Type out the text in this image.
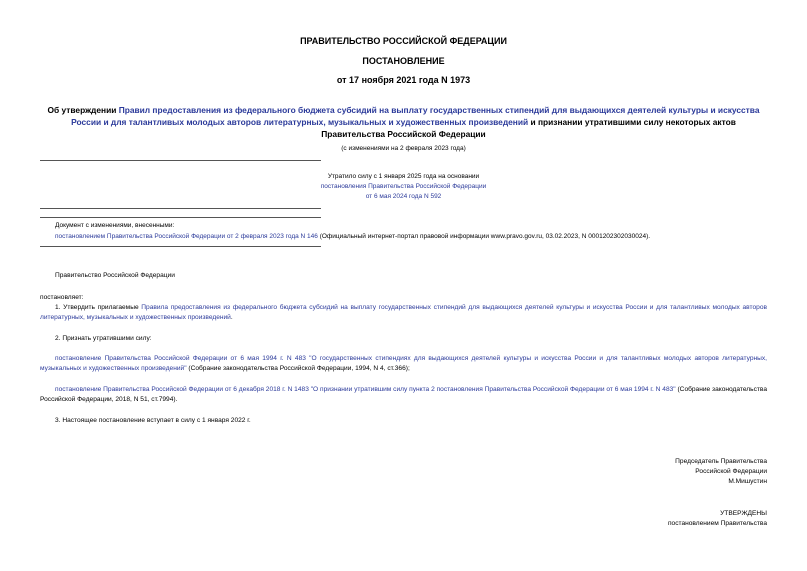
ПРАВИТЕЛЬСТВО РОССИЙСКОЙ ФЕДЕРАЦИИ
ПОСТАНОВЛЕНИЕ
от 17 ноября 2021 года N 1973
Об утверждении Правил предоставления из федерального бюджета субсидий на выплату государственных стипендий для выдающихся деятелей культуры и искусства России и для талантливых молодых авторов литературных, музыкальных и художественных произведений и признании утратившими силу некоторых актов Правительства Российской Федерации
(с изменениями на 2 февраля 2023 года)
Утратило силу с 1 января 2025 года на основании
постановления Правительства Российской Федерации
от 6 мая 2024 года N 592
Документ с изменениями, внесенными:
постановлением Правительства Российской Федерации от 2 февраля 2023 года N 146 (Официальный интернет-портал правовой информации www.pravo.gov.ru, 03.02.2023, N 0001202302030024).
Правительство Российской Федерации
постановляет:
1. Утвердить прилагаемые Правила предоставления из федерального бюджета субсидий на выплату государственных стипендий для выдающихся деятелей культуры и искусства России и для талантливых молодых авторов литературных, музыкальных и художественных произведений.
2. Признать утратившими силу:
постановление Правительства Российской Федерации от 6 мая 1994 г. N 483 "О государственных стипендиях для выдающихся деятелей культуры и искусства России и для талантливых молодых авторов литературных, музыкальных и художественных произведений" (Собрание законодательства Российской Федерации, 1994, N 4, ст.366);
постановление Правительства Российской Федерации от 6 декабря 2018 г. N 1483 "О признании утратившим силу пункта 2 постановления Правительства Российской Федерации от 6 мая 1994 г. N 483" (Собрание законодательства Российской Федерации, 2018, N 51, ст.7994).
3. Настоящее постановление вступает в силу с 1 января 2022 г.
Председатель Правительства
Российской Федерации
М.Мишустин
УТВЕРЖДЕНЫ
постановлением Правительства
